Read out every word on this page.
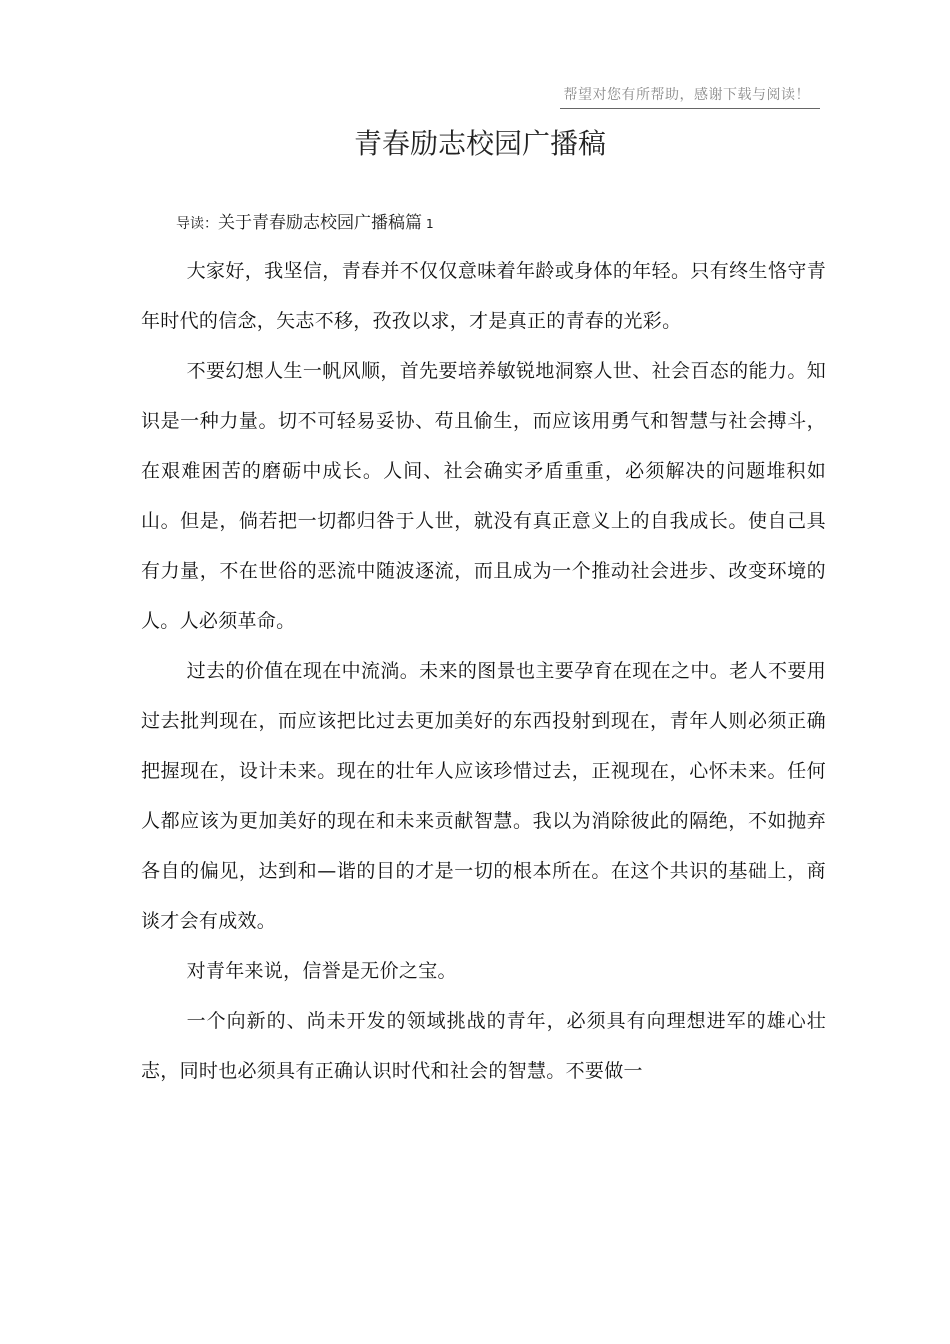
帮望对您有所帮助，感谢下载与阅读！
青春励志校园广播稿
导读：关于青春励志校园广播稿篇 1

大家好，我坚信，青春并不仅仅意味着年龄或身体的年轻。只有终生恪守青年时代的信念，矢志不移，孜孜以求，才是真正的青春的光彩。

不要幻想人生一帆风顺，首先要培养敏锐地洞察人世、社会百态的能力。知识是一种力量。切不可轻易妥协、苟且偷生，而应该用勇气和智慧与社会搏斗，在艰难困苦的磨砺中成长。人间、社会确实矛盾重重，必须解决的问题堆积如山。但是，倘若把一切都归咎于人世，就没有真正意义上的自我成长。使自己具有力量，不在世俗的恶流中随波逐流，而且成为一个推动社会进步、改变环境的人。人必须革命。

过去的价值在现在中流淌。未来的图景也主要孕育在现在之中。老人不要用过去批判现在，而应该把比过去更加美好的东西投射到现在，青年人则必须正确把握现在，设计未来。现在的壮年人应该珍惜过去，正视现在，心怀未来。任何人都应该为更加美好的现在和未来贡献智慧。我以为消除彼此的隔绝，不如抛弃各自的偏见，达到和—谐的目的才是一切的根本所在。在这个共识的基础上，商谈才会有成效。

对青年来说，信誉是无价之宝。

一个向新的、尚未开发的领域挑战的青年，必须具有向理想进军的雄心壮志，同时也必须具有正确认识时代和社会的智慧。不要做一
